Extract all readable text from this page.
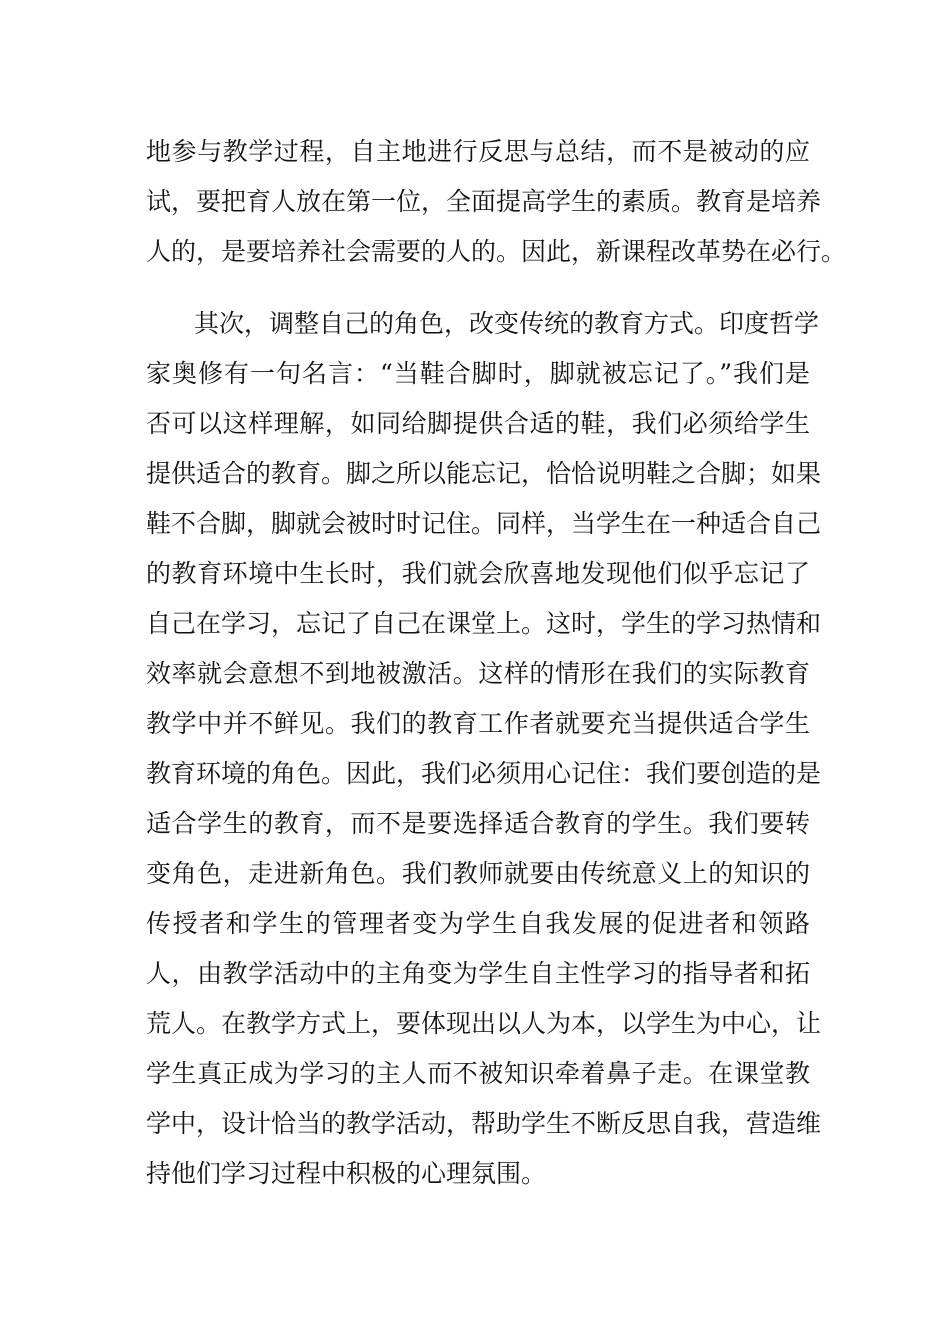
地参与教学过程，自主地进行反思与总结，而不是被动的应
试，要把育人放在第一位，全面提高学生的素质。教育是培养
人的，是要培养社会需要的人的。因此，新课程改革势在必行。
其次，调整自己的角色，改变传统的教育方式。印度哲学
家奥修有一句名言：“当鞋合脚时，脚就被忘记了。”我们是
否可以这样理解，如同给脚提供合适的鞋，我们必须给学生
提供适合的教育。脚之所以能忘记，恰恰说明鞋之合脚；如果
鞋不合脚，脚就会被时时记住。同样，当学生在一种适合自己
的教育环境中生长时，我们就会欣喜地发现他们似乎忘记了
自己在学习，忘记了自己在课堂上。这时，学生的学习热情和
效率就会意想不到地被激活。这样的情形在我们的实际教育
教学中并不鲜见。我们的教育工作者就要充当提供适合学生
教育环境的角色。因此，我们必须用心记住：我们要创造的是
适合学生的教育，而不是要选择适合教育的学生。我们要转
变角色，走进新角色。我们教师就要由传统意义上的知识的
传授者和学生的管理者变为学生自我发展的促进者和领路
人，由教学活动中的主角变为学生自主性学习的指导者和拓
荒人。在教学方式上，要体现出以人为本，以学生为中心，让
学生真正成为学习的主人而不被知识牵着鼻子走。在课堂教
学中，设计恰当的教学活动，帮助学生不断反思自我，营造维
持他们学习过程中积极的心理氛围。
